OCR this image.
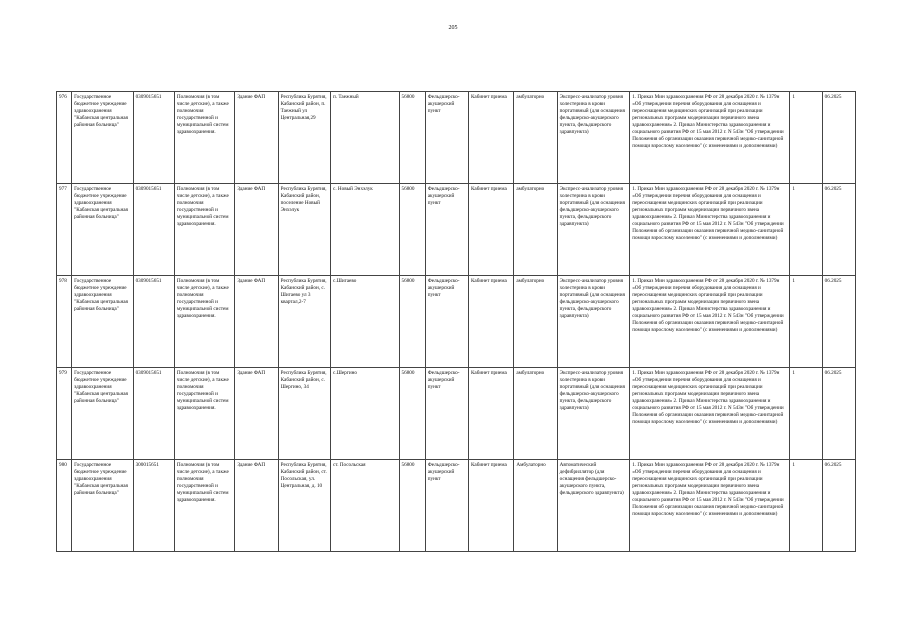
205
976	Государственное бюджетное учреждение здравоохранения "Кабанская центральная районная больница"	0309015651	Полномочия (в том числе детские), а также полномочия государственной и муниципальной систем здравоохранения.	Здание ФАП	Республика Бурятия, Кабанский район, п. Таежный ул Центральная,29	п. Таежный	56800	Фельдшерско-акушерский пункт	Кабинет приема	амбулаторно	Экспресс-анализатор уровня холестерина в крови портативный (для оснащения фельдшерско-акушерского пункта, фельдшерского здравпункта)	1. Приказ Мин здравоохранения РФ от 28 декабря 2020 г. № 1379н «Об утверждении перечня оборудования для оснащения и переоснащения медицинских организаций при реализации региональных программ модернизации первичного звена здравоохранения» 2. Приказ Министерства здравоохранения и социального развития РФ от 15 мая 2012 г. N 543н "Об утверждении Положения об организации оказания первичной медико-санитарной помощи взрослому населению" (с изменениями и дополнениями)	1	06.2025
977	Государственное бюджетное учреждение здравоохранения "Кабанская центральная районная больница"	0309015651	Полномочия (в том числе детские), а также полномочия государственной и муниципальной систем здравоохранения.	Здание ФАП	Республика Бурятия, Кабанский район, поселение Новый Энхэлук	с. Новый Энхэлук	56800	Фельдшерско-акушерский пункт	Кабинет приема	амбулаторно	Экспресс-анализатор уровня холестерина в крови портативный (для оснащения фельдшерско-акушерского пункта, фельдшерского здравпункта)	1. Приказ Мин здравоохранения РФ от 28 декабря 2020 г. № 1379н «Об утверждении перечня оборудования для оснащения и переоснащения медицинских организаций при реализации региональных программ модернизации первичного звена здравоохранения» 2. Приказ Министерства здравоохранения и социального развития РФ от 15 мая 2012 г. N 543н "Об утверждении Положения об организации оказания первичной медико-санитарной помощи взрослому населению" (с изменениями и дополнениями)	1	06.2025
978	Государственное бюджетное учреждение здравоохранения "Кабанская центральная районная больница"	0309015651	Полномочия (в том числе детские), а также полномочия государственной и муниципальной систем здравоохранения.	Здание ФАП	Республика Бурятия, Кабанский район, с. Шигаево ул 3 квартал,2-7	с.Шигаево	56800	Фельдшерско-акушерский пункт	Кабинет приема	амбулаторно	Экспресс-анализатор уровня холестерина в крови портативный (для оснащения фельдшерско-акушерского пункта, фельдшерского здравпункта)	1. Приказ Мин здравоохранения РФ от 28 декабря 2020 г. № 1379н «Об утверждении перечня оборудования для оснащения и переоснащения медицинских организаций при реализации региональных программ модернизации первичного звена здравоохранения» 2. Приказ Министерства здравоохранения и социального развития РФ от 15 мая 2012 г. N 543н "Об утверждении Положения об организации оказания первичной медико-санитарной помощи взрослому населению" (с изменениями и дополнениями)	1	06.2025
979	Государственное бюджетное учреждение здравоохранения "Кабанская центральная районная больница"	0309015651	Полномочия (в том числе детские), а также полномочия государственной и муниципальной систем здравоохранения.	Здание ФАП	Республика Бурятия, Кабанский район, с. Шергино, 34	с.Шергино	56800	Фельдшерско-акушерский пункт	Кабинет приема	амбулаторно	Экспресс-анализатор уровня холестерина в крови портативный (для оснащения фельдшерско-акушерского пункта, фельдшерского здравпункта)	1. Приказ Мин здравоохранения РФ от 28 декабря 2020 г. № 1379н «Об утверждении перечня оборудования для оснащения и переоснащения медицинских организаций при реализации региональных программ модернизации первичного звена здравоохранения» 2. Приказ Министерства здравоохранения и социального развития РФ от 15 мая 2012 г. N 543н "Об утверждении Положения об организации оказания первичной медико-санитарной помощи взрослому населению" (с изменениями и дополнениями)	1	06.2025
980	Государственное бюджетное учреждение здравоохранения "Кабанская центральная районная больница"	300015651	Полномочия (в том числе детские), а также полномочия государственной и муниципальной систем здравоохранения.	Здание ФАП	Республика Бурятия, Кабанский район, ст. Посольская, ул. Центральная, д. 10	ст. Посольская	56800	Фельдшерско-акушерский пункт	Кабинет приема	Амбулаторно	Автоматический дефибриллятор (для оснащения фельдшерско-акушерского пункта, фельдшерского здравпункта)	1. Приказ Мин здравоохранения РФ от 28 декабря 2020 г. № 1379н «Об утверждении перечня оборудования для оснащения и переоснащения медицинских организаций при реализации региональных программ модернизации первичного звена здравоохранения» 2. Приказ Министерства здравоохранения и социального развития РФ от 15 мая 2012 г. N 543н "Об утверждении Положения об организации оказания первичной медико-санитарной помощи взрослому населению" (с изменениями и дополнениями)	1	06.2025
